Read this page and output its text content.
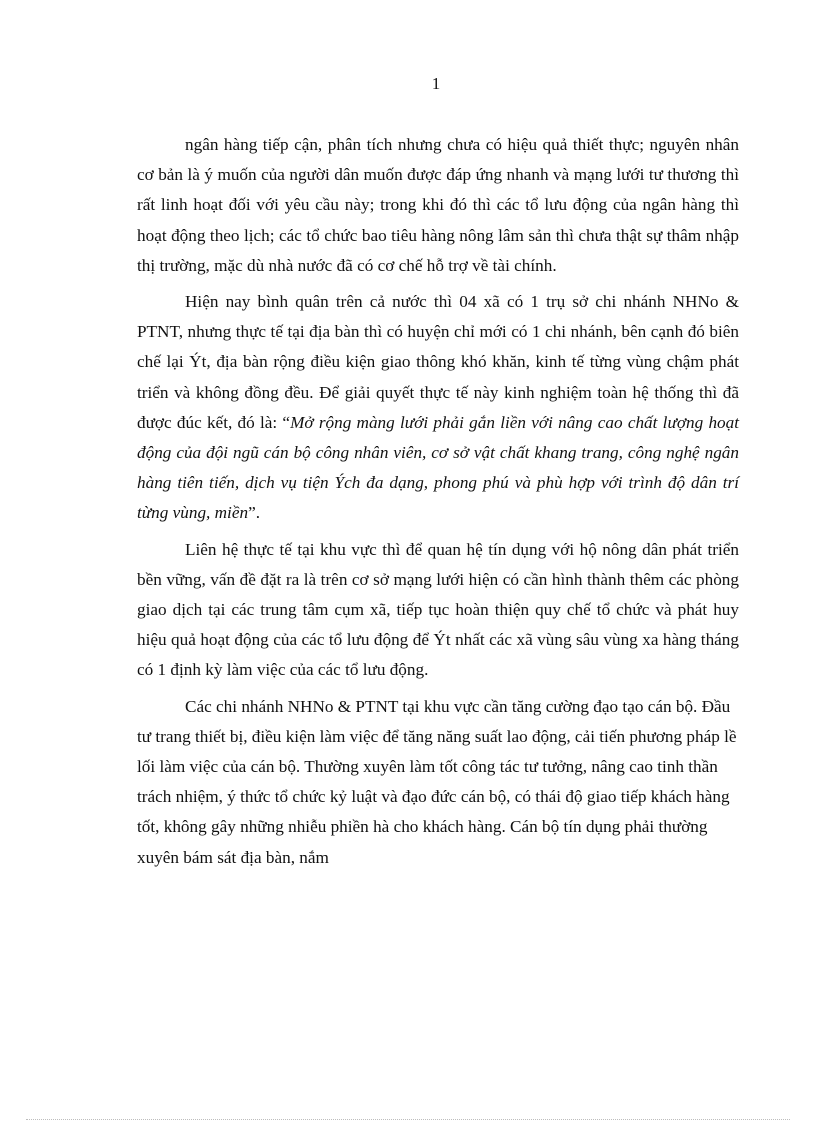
1

ngân hàng tiếp cận, phân tích nhưng chưa có hiệu quả thiết thực; nguyên nhân cơ bản là ý muốn của người dân muốn được đáp ứng nhanh và mạng lưới tư thương thì rất linh hoạt đối với yêu cầu này; trong khi đó thì các tổ lưu động của ngân hàng thì hoạt động theo lịch; các tổ chức bao tiêu hàng nông lâm sản thì chưa thật sự thâm nhập thị trường, mặc dù nhà nước đã có cơ chế hỗ trợ về tài chính.

Hiện nay bình quân trên cả nước thì 04 xã có 1 trụ sở chi nhánh NHNo & PTNT, nhưng thực tế tại địa bàn thì có huyện chỉ mới có 1 chi nhánh, bên cạnh đó biên chế lại Ýt, địa bàn rộng điều kiện giao thông khó khăn, kinh tế từng vùng chậm phát triển và không đồng đều. Để giải quyết thực tế này kinh nghiệm toàn hệ thống thì đã được đúc kết, đó là: “Mở rộng màng lưới phải gắn liền với nâng cao chất lượng hoạt động của đội ngũ cán bộ công nhân viên, cơ sở vật chất khang trang, công nghệ ngân hàng tiên tiến, dịch vụ tiện Ých đa dạng, phong phú và phù hợp với trình độ dân trí từng vùng, miền”.

Liên hệ thực tế tại khu vực thì để quan hệ tín dụng với hộ nông dân phát triển bền vững, vấn đề đặt ra là trên cơ sở mạng lưới hiện có cần hình thành thêm các phòng giao dịch tại các trung tâm cụm xã, tiếp tục hoàn thiện quy chế tổ chức và phát huy hiệu quả hoạt động của các tổ lưu động để Ýt nhất các xã vùng sâu vùng xa hàng tháng có 1 định kỳ làm việc của các tổ lưu động.

Các chi nhánh NHNo & PTNT tại khu vực cần tăng cường đạo tạo cán bộ. Đầu tư trang thiết bị, điều kiện làm việc để tăng năng suất lao động, cải tiến phương pháp lề lối làm việc của cán bộ. Thường xuyên làm tốt công tác tư tưởng, nâng cao tinh thần trách nhiệm, ý thức tổ chức kỷ luật và đạo đức cán bộ, có thái độ giao tiếp khách hàng tốt, không gây những nhiễu phiền hà cho khách hàng. Cán bộ tín dụng phải thường xuyên bám sát địa bàn, nắm
